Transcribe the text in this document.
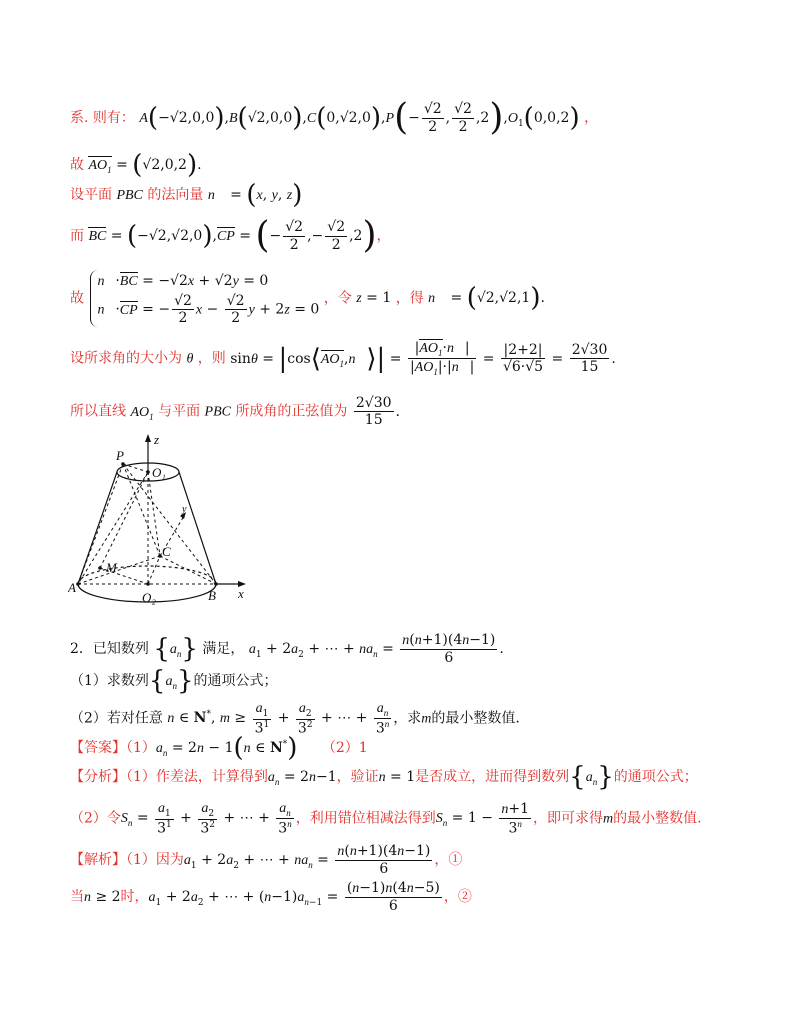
系. 则有： $A(-√2,0,0),B(√2,0,0),C(0,√2,0),P(- \frac{√2}{2}$ , $\frac{√2}{2} ,2),O_1(0,0,2)$ ，
故 $AO_1 = (√2,0,2)$.
设平面 PBC 的法向量 n⃗ = (x, y, z)
而 BC = (−√2,√2,0),CP = (− $\frac{√2}{2}$ ,− $\frac{√2}{2} ,2$)，
故
n⃗·BC = −√2x + √2y = 0
n⃗·CP = − $\frac{√2}{2}$ $x - \frac{√2}{2}$ y + 2z = 0
，令 z = 1 ，得 n⃗ = (√2,√2,1).
设所求角的大小为 θ ，则 $\sin\theta = |\cos⟨AO_1,n⃗⟩| = \frac{|AO_1\cdot n⃗|}{|AO_1|\cdot|n⃗|} = \frac{|2+2|}{√6\cdot√5} = \frac{2√30}{15}$ .
所以直线 $AO_1$ 与平面 PBC 所成角的正弦值为 $\frac{2√30}{15}$ .
z
P
O₁
y
C
M
A
O₂	B x
2．已知数列 $\{a_n\}$ 满足， $a_1 + 2a_2$ + ⋯ + $na_n = \frac{n(n+1)(4n-1)}{6}$ .
（1）求数列$\{a_n\}$的通项公式；
（2）若对任意 n ∈ N*, $m \ge \frac{a_1}{3^1} + \frac{a_2}{3^2}$ + ⋯ + $\frac{a_n}{3^n}$ ，求m的最小整数值.
【答案】$(1)a_n = 2n - 1(n$ ∈ N*) （2）1
【分析】（1）作差法，计算得到$a_n = 2n-1$，验证n = 1是否成立，进而得到数列$\{a_n\}$的通项公式；
（2）令$S_n = \frac{a_1}{3^1} + \frac{a_2}{3^2}$ + ⋯ + $\frac{a_n}{3^n}$ ，利用错位相减法得到$S_n = 1 - \frac{n+1}{3^n}$ ，即可求得m的最小整数值.
【解析】（1）因为$a_1 + 2a_2$ + ⋯ + $na_n = \frac{n(n+1)(4n-1)}{6}$ ，①
当n ≥ 2时，$a_1 + 2a_2$ + ⋯ + $(n-1)a_{n-1} = \frac{(n-1)n(4n-5)}{6}$ ，②
